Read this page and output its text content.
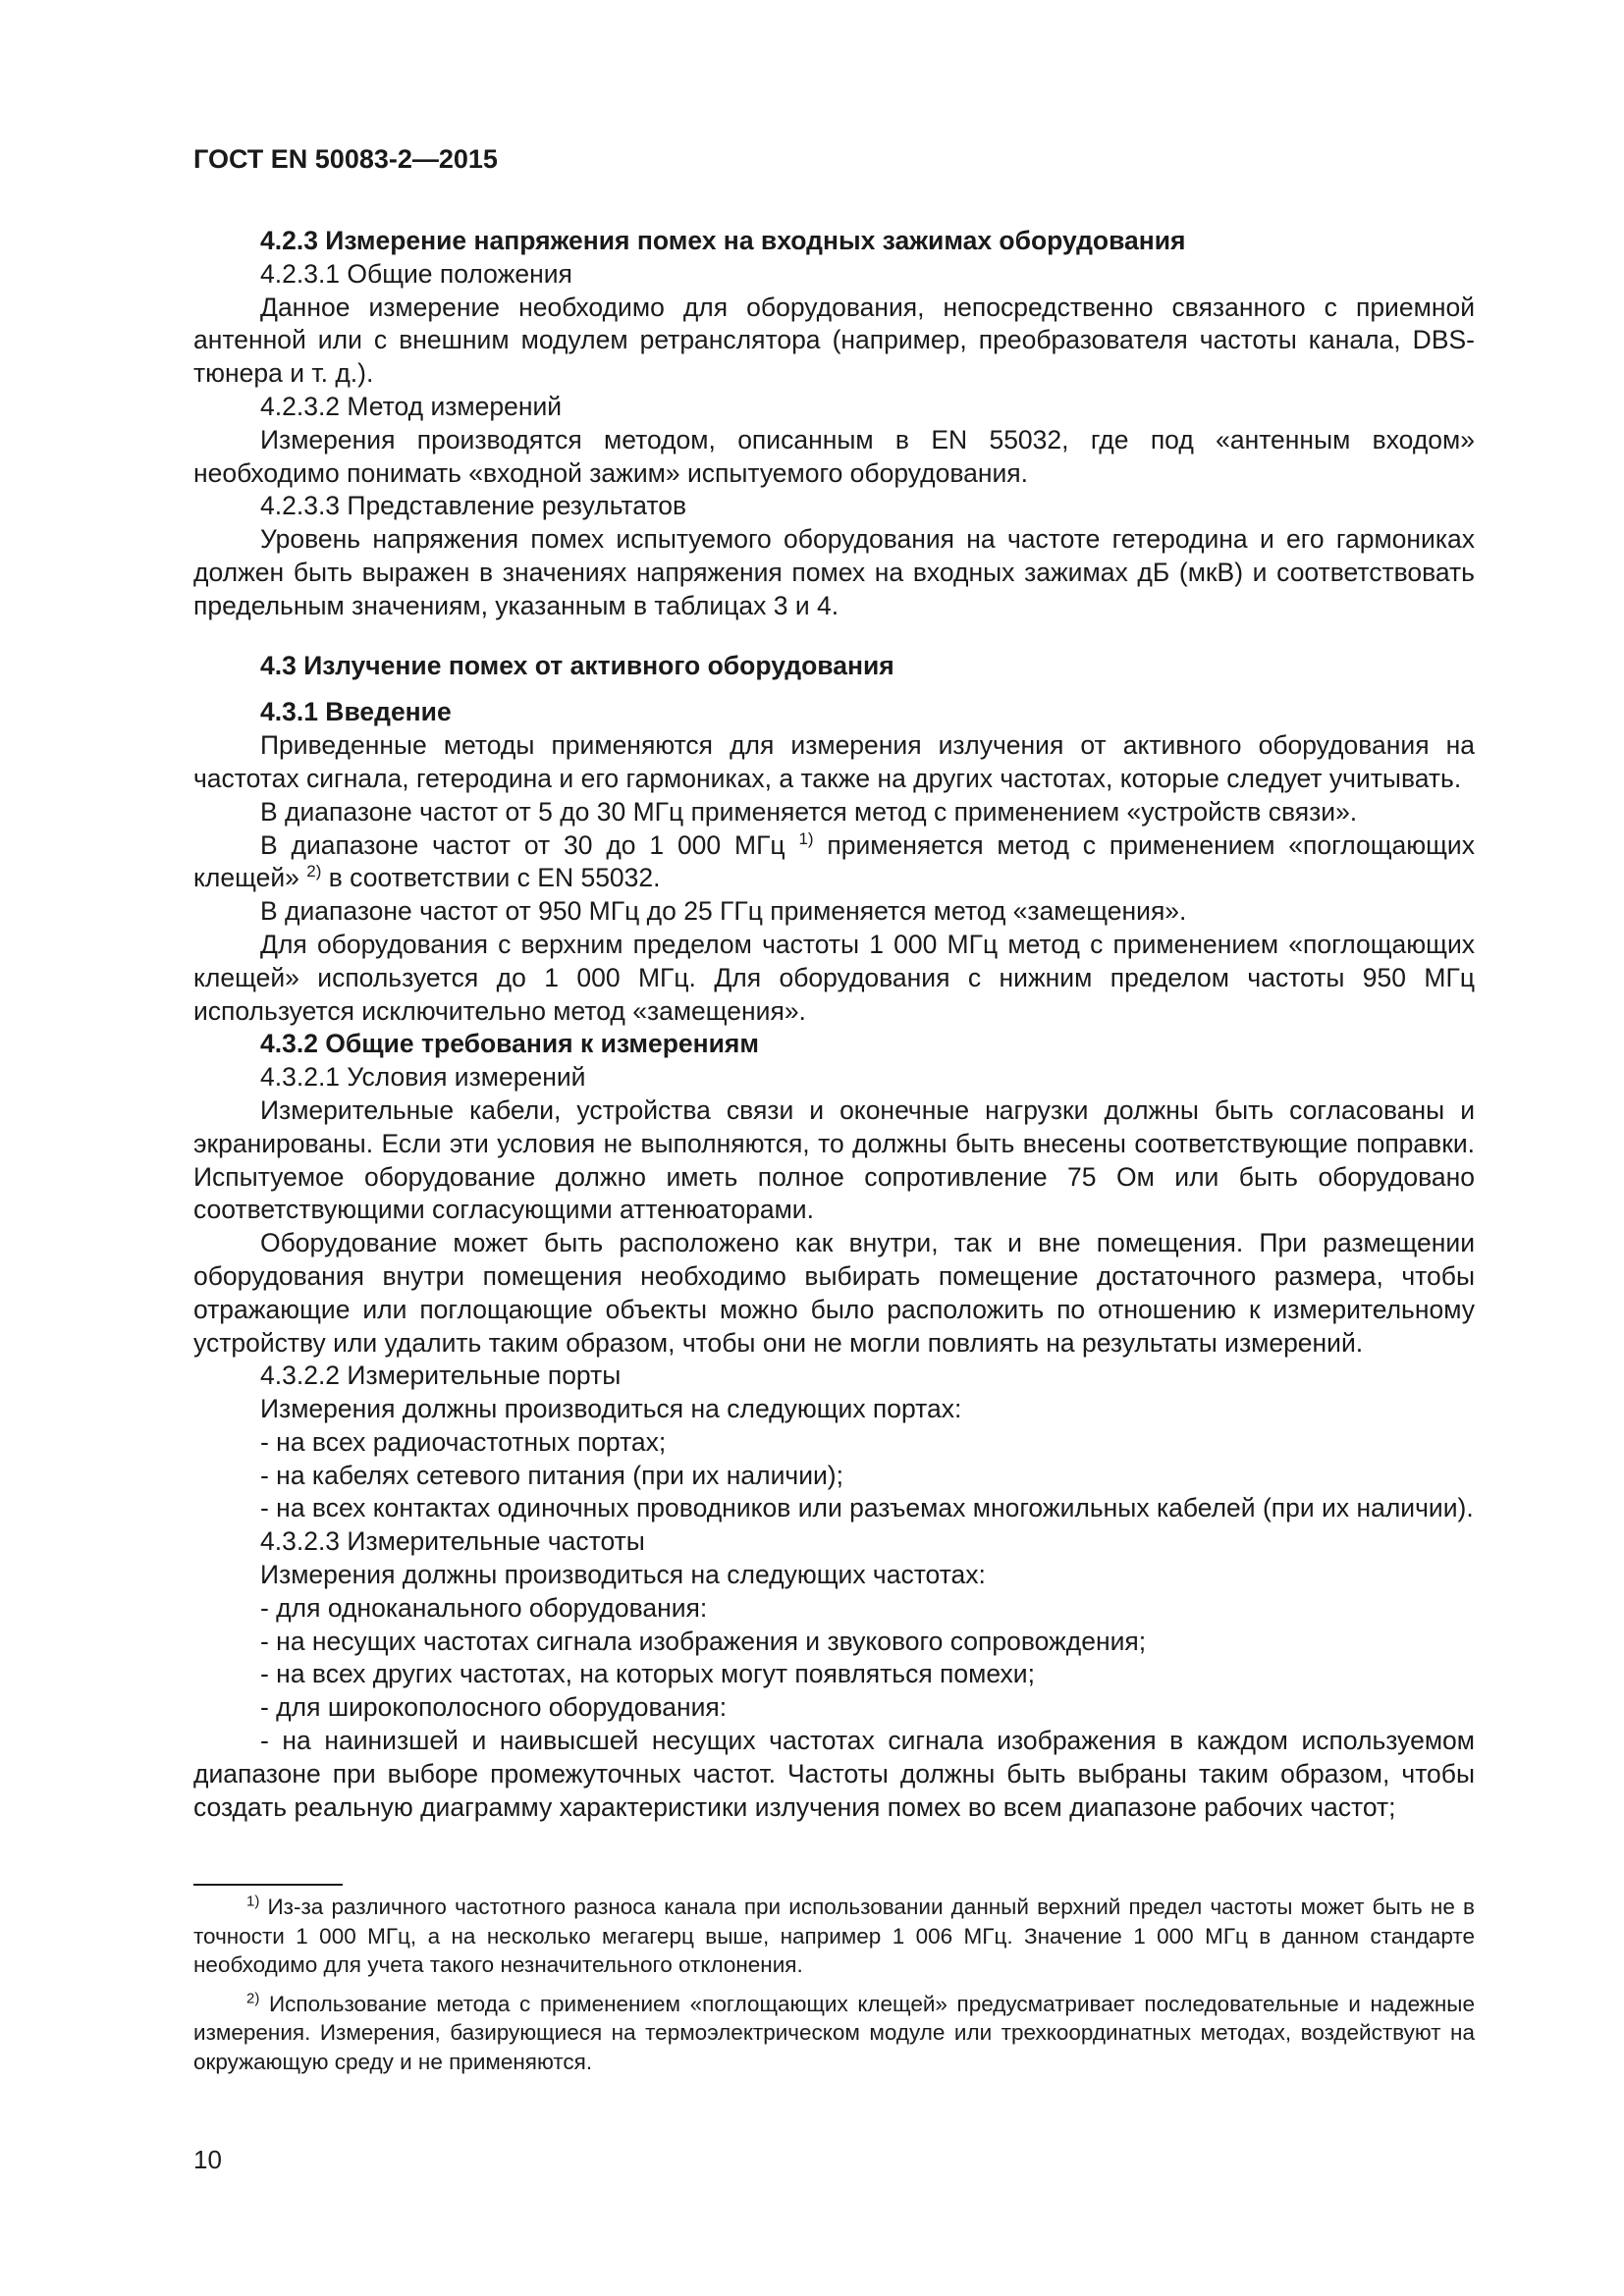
ГОСТ EN 50083-2—2015

4.2.3 Измерение напряжения помех на входных зажимах оборудования

4.2.3.1 Общие положения

Данное измерение необходимо для оборудования, непосредственно связанного с приемной антенной или с внешним модулем ретранслятора (например, преобразователя частоты канала, DBS-тюнера и т. д.).

4.2.3.2 Метод измерений

Измерения производятся методом, описанным в EN 55032, где под «антенным входом» необходимо понимать «входной зажим» испытуемого оборудования.

4.2.3.3 Представление результатов

Уровень напряжения помех испытуемого оборудования на частоте гетеродина и его гармониках должен быть выражен в значениях напряжения помех на входных зажимах дБ (мкВ) и соответствовать предельным значениям, указанным в таблицах 3 и 4.

4.3 Излучение помех от активного оборудования

4.3.1 Введение

Приведенные методы применяются для измерения излучения от активного оборудования на частотах сигнала, гетеродина и его гармониках, а также на других частотах, которые следует учитывать.

В диапазоне частот от 5 до 30 МГц применяется метод с применением «устройств связи».

В диапазоне частот от 30 до 1 000 МГц $^{1)}$ применяется метод с применением «поглощающих клещей» $^{2)}$ в соответствии с EN 55032.

В диапазоне частот от 950 МГц до 25 ГГц применяется метод «замещения».

Для оборудования с верхним пределом частоты 1 000 МГц метод с применением «поглощающих клещей» используется до 1 000 МГц. Для оборудования с нижним пределом частоты 950 МГц используется исключительно метод «замещения».

4.3.2 Общие требования к измерениям

4.3.2.1 Условия измерений

Измерительные кабели, устройства связи и оконечные нагрузки должны быть согласованы и экранированы. Если эти условия не выполняются, то должны быть внесены соответствующие поправки. Испытуемое оборудование должно иметь полное сопротивление 75 Ом или быть оборудовано соответствующими согласующими аттенюаторами.

Оборудование может быть расположено как внутри, так и вне помещения. При размещении оборудования внутри помещения необходимо выбирать помещение достаточного размера, чтобы отражающие или поглощающие объекты можно было расположить по отношению к измерительному устройству или удалить таким образом, чтобы они не могли повлиять на результаты измерений.

4.3.2.2 Измерительные порты

Измерения должны производиться на следующих портах:

- на всех радиочастотных портах;

- на кабелях сетевого питания (при их наличии);

- на всех контактах одиночных проводников или разъемах многожильных кабелей (при их наличии).

4.3.2.3 Измерительные частоты

Измерения должны производиться на следующих частотах:

- для одноканального оборудования:

- на несущих частотах сигнала изображения и звукового сопровождения;

- на всех других частотах, на которых могут появляться помехи;

- для широкополосного оборудования:

- на наинизшей и наивысшей несущих частотах сигнала изображения в каждом используемом диапазоне при выборе промежуточных частот. Частоты должны быть выбраны таким образом, чтобы создать реальную диаграмму характеристики излучения помех во всем диапазоне рабочих частот;

$^{1)}$ Из-за различного частотного разноса канала при использовании данный верхний предел частоты может быть не в точности 1 000 МГц, а на несколько мегагерц выше, например 1 006 МГц. Значение 1 000 МГц в данном стандарте необходимо для учета такого незначительного отклонения.

$^{2)}$ Использование метода с применением «поглощающих клещей» предусматривает последовательные и надежные измерения. Измерения, базирующиеся на термоэлектрическом модуле или трехкоординатных методах, воздействуют на окружающую среду и не применяются.

10
